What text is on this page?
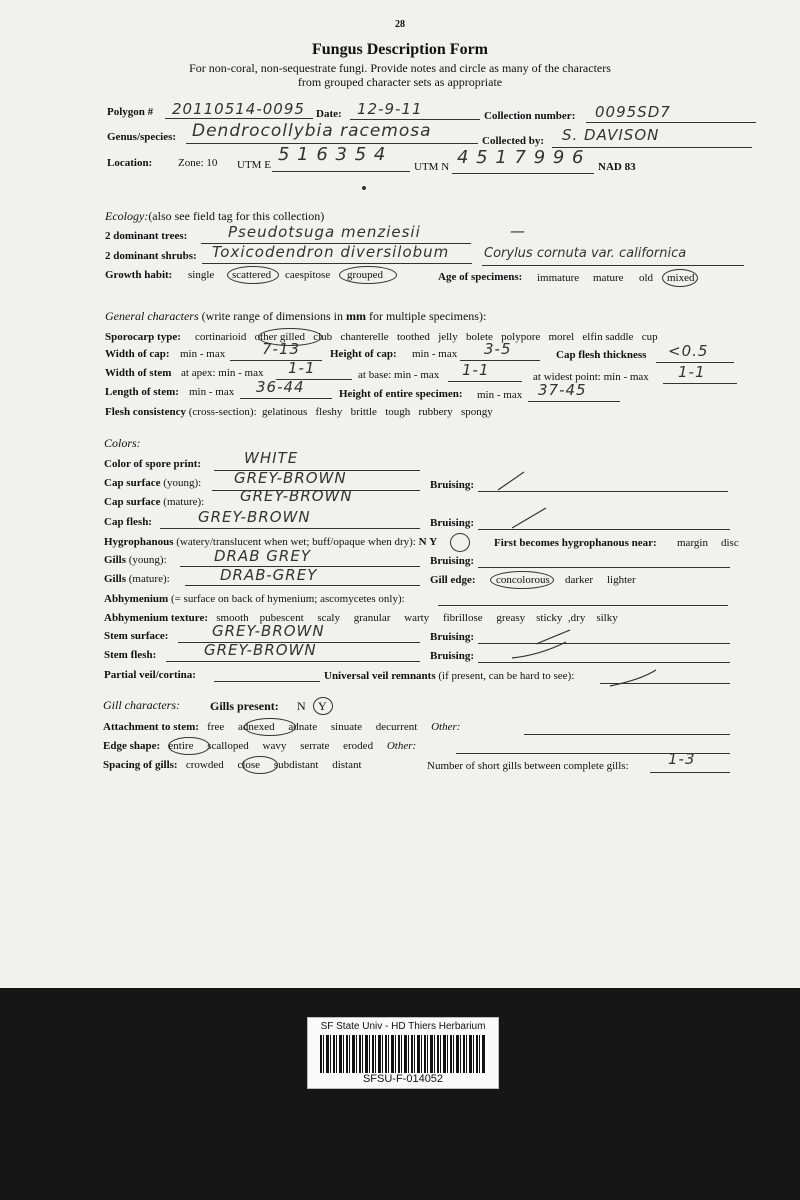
28
Fungus Description Form
For non-coral, non-sequestrate fungi. Provide notes and circle as many of the characters
from grouped character sets as appropriate
Polygon # 20110514-0095 Date: 12-9-11	Collection number: 0095SD7
Genus/species: Dendrocollybia racemosa	Collected by: S. DAVISON
Location: Zone: 10 UTM E 5 1 6 3 5 4
UTM N 4 5 1 7 9 9 6 NAD 83
Ecology:(also see field tag for this collection)
2 dominant trees:	Pseudotsuga menziesii	—
2 dominant shrubs: Toxicodendron diversilobum	Corylus cornuta var. californica
Growth habit: single scattered caespitose grouped	Age of specimens: immature mature old mixed
General characters (write range of dimensions in mm for multiple specimens):
Sporocarp type: cortinarioid other gilled club chanterelle toothed jelly bolete polypore morel elfin saddle cup
Width of cap: min - max 7-13	Height of cap: min - max 3-5	Cap flesh thickness <0.5
Width of stem at apex: min - max 1-1	at base: min - max 1-1	at widest point: min - max 1-1
Length of stem: min - max 36-44	Height of entire specimen: min - max 37-45
Flesh consistency (cross-section): gelatinous fleshy brittle tough rubbery spongy
Colors:
Color of spore print:	WHITE
Cap surface (young): GREY-BROWN	Bruising:
Cap surface (mature): GREY-BROWN
Cap flesh:	GREY-BROWN	Bruising:
Hygrophanous (watery/translucent when wet; buff/opaque when dry): N Y	First becomes hygrophanous near: margin disc
Gills (young):	DRAB GREY	Bruising:
Gills (mature):	DRAB-GREY	Gill edge: concolorous darker lighter
Abhymenium (= surface on back of hymenium; ascomycetes only):
Abhymenium texture: smooth pubescent scaly granular warty fibrillose greasy sticky ,dry silky
Stem surface:	GREY-BROWN	Bruising:
Stem flesh:	GREY-BROWN	Bruising:
Partial veil/cortina:	Universal veil remnants (if present, can be hard to see):
Gill characters:	Gills present: N Y
Attachment to stem: free adnexed adnate sinuate decurrent Other:
Edge shape: entire scalloped wavy serrate eroded Other:
Spacing of gills: crowded close subdistant distant	Number of short gills between complete gills:	1-3
SF State Univ - HD Thiers Herbarium
SFSU-F-014052
